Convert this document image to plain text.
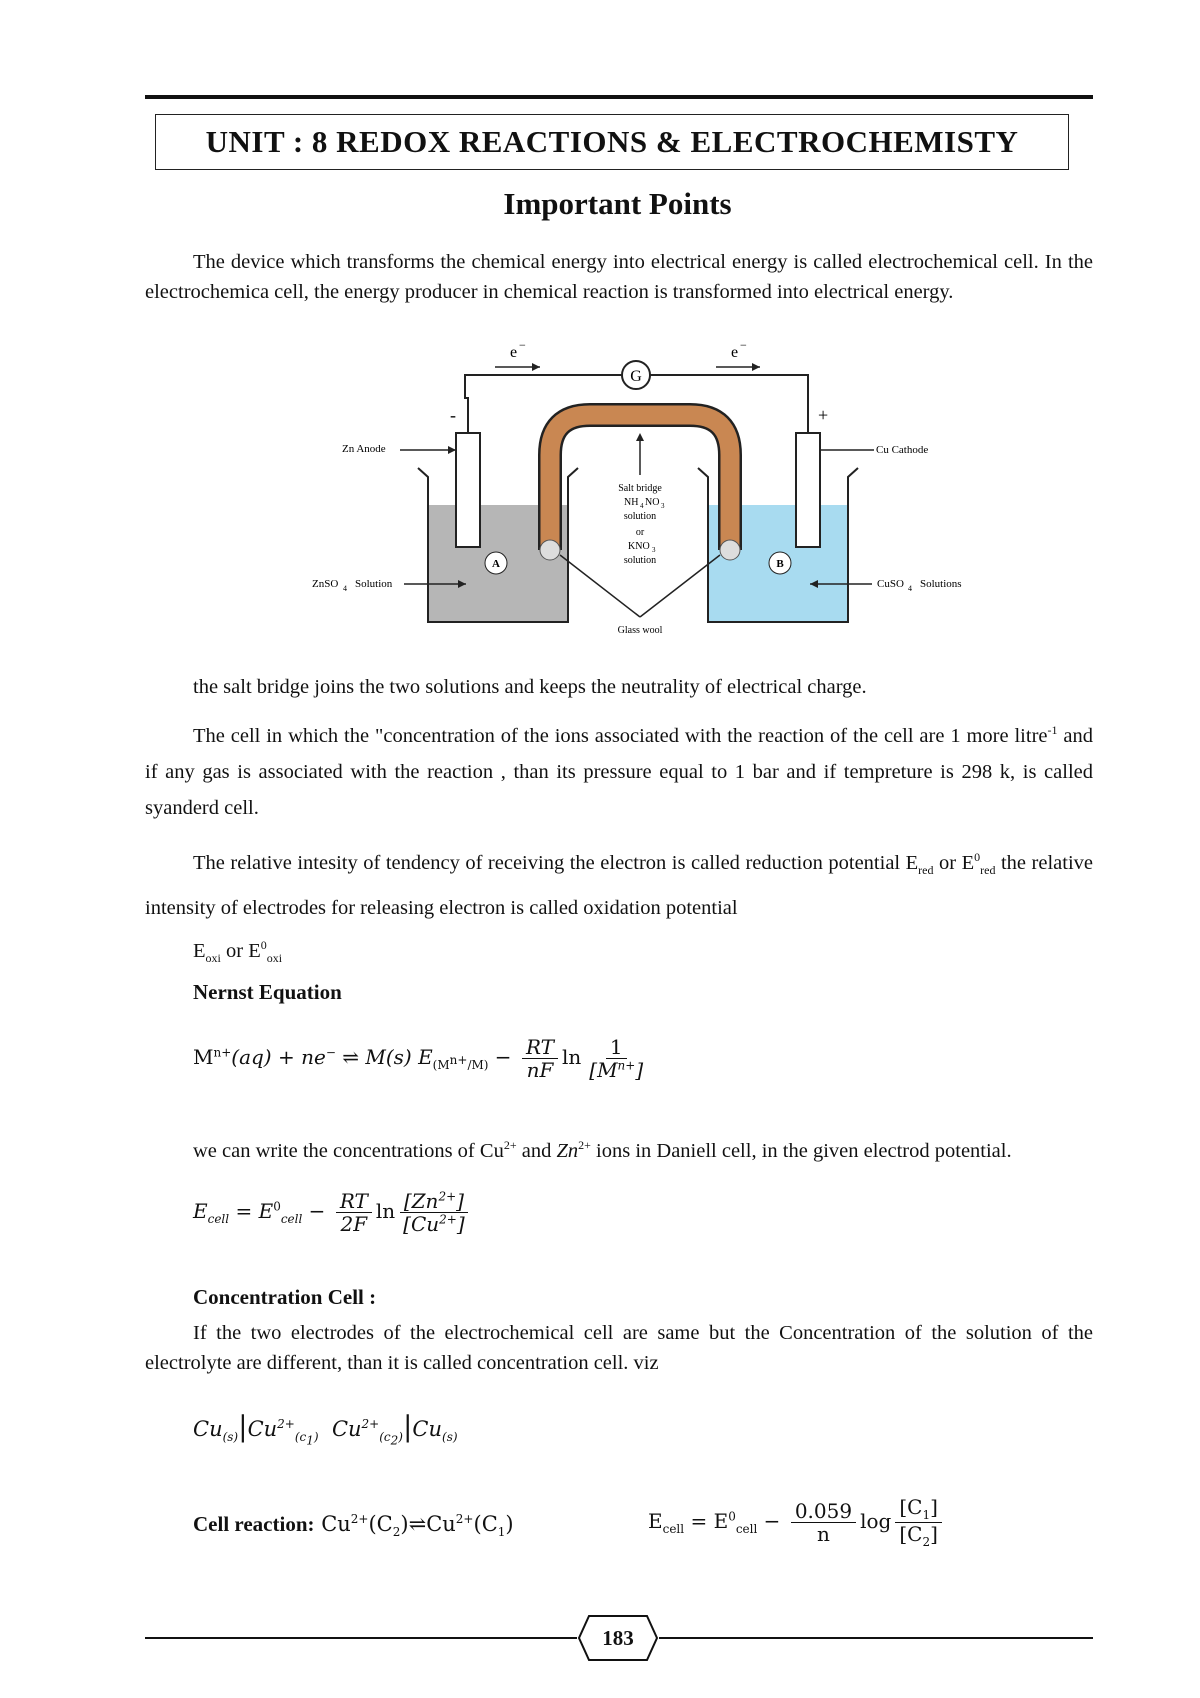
UNIT : 8 REDOX REACTIONS & ELECTROCHEMISTY
Important Points
The device which transforms the chemical energy into electrical energy is called electrochemical cell. In the electrochemica cell, the energy producer in chemical reaction is transformed into electrical energy.
G
e −	e −
-	+
Zn Anode	Cu Cathode
ZnSO 4 Solution	CuSO 4 Solutions
A	B
Salt bridge
NH 4 NO 3
solution
or
KNO 3
solution
Glass wool
the salt bridge joins the two solutions and keeps the neutrality of electrical charge.
The cell in which the "concentration of the ions associated with the reaction of the cell are 1 more litre$^{-1}$ and if any gas is associated with the reaction , than its pressure equal to 1 bar and if tempreture is 298 k, is called syanderd cell.
The relative intesity of tendency of receiving the electron is called reduction potential $E_{red}$ or $E^0_{red}$ the relative intensity of electrodes for releasing electron is called oxidation potential
$E_{oxi}$ or $E^0_{oxi}$
Nernst Equation
$M^{n+}(aq) + ne^-$ ⇌ M(s) $E_{(M^{n+}/M)} - \frac{RT}{nF}$ $\ln \frac{1}{[M^{n+}]}$
we can write the concentrations of $Cu^{2+}$ and $Zn^{2+}$ ions in Daniell cell, in the given electrod potential.
$E_{cell} = E^0_{cell} - \frac{RT}{2F}$ $\ln \frac{[Zn^{2+}]}{[Cu^{2+}]}$
Concentration Cell :
If the two electrodes of the electrochemical cell are same but the Concentration of the solution of the electrolyte are different, than it is called concentration cell. viz
$Cu_{(s)}|Cu^{2+}_{(c_1)}$ $Cu^{2+}_{(c_2)}|Cu_{(s)}$
Cell reaction: $Cu^{2+}(C_2)\rightleftharpoons Cu^{2+}(C_1)$	$E_{cell} = E^0_{cell} - \frac{0.059}{n}$ $\log \frac{[C_1]}{[C_2]}$
183
